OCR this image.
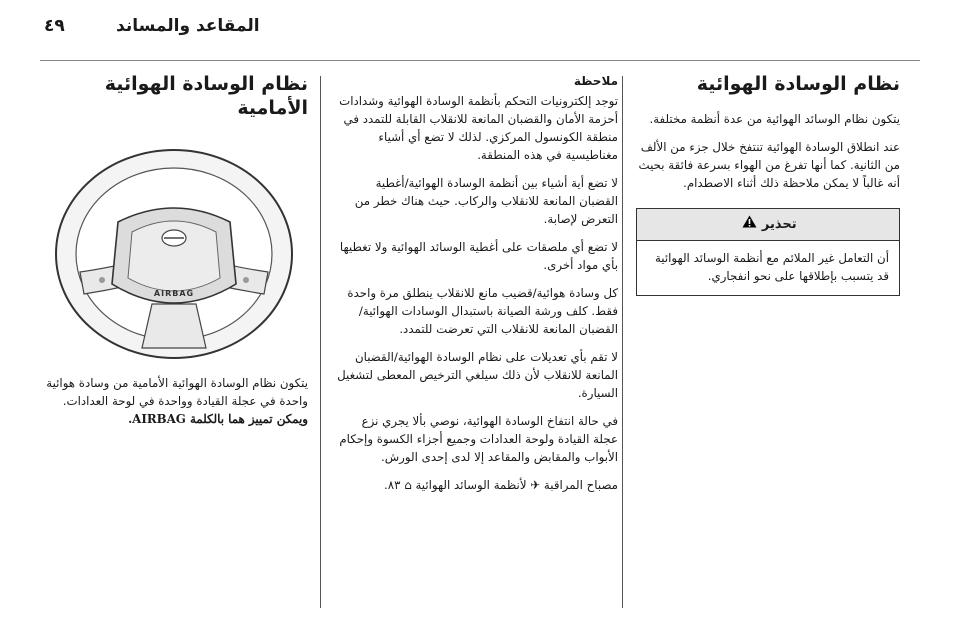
٤٩	المقاعد والمساند
نظام الوسادة الهوائية

يتكون نظام الوسائد الهوائية من عدة أنظمة مختلفة.

عند انطلاق الوسادة الهوائية تنتفخ خلال جزء من الألف من الثانية. كما أنها تفرغ من الهواء بسرعة فائقة بحيث أنه غالباً لا يمكن ملاحظة ذلك أثناء الاصطدام.

تحذير
أن التعامل غير الملائم مع أنظمة الوسائد الهوائية قد يتسبب بإطلاقها على نحو انفجاري.
ملاحظة

توجد إلكترونيات التحكم بأنظمة الوسادة الهوائية وشدادات أحزمة الأمان والقضبان المانعة للانقلاب القابلة للتمدد في منطقة الكونسول المركزي. لذلك لا تضع أي أشياء مغناطيسية في هذه المنطقة.

لا تضع أية أشياء بين أنظمة الوسادة الهوائية/أغطية القضبان المانعة للانقلاب والركاب. حيث هناك خطر من التعرض لإصابة.

لا تضع أي ملصقات على أغطية الوسائد الهوائية ولا تغطيها بأي مواد أخرى.

كل وسادة هوائية/قضيب مانع للانقلاب ينطلق مرة واحدة فقط. كلف ورشة الصيانة باستبدال الوسادات الهوائية/القضبان المانعة للانقلاب التي تعرضت للتمدد.

لا تقم بأي تعديلات على نظام الوسادة الهوائية/القضبان المانعة للانقلاب لأن ذلك سيلغي الترخيص المعطى لتشغيل السيارة.

في حالة انتفاخ الوسادة الهوائية، نوصي بألا يجري نزع عجلة القيادة ولوحة العدادات وجميع أجزاء الكسوة وإحكام الأبواب والمقابض والمقاعد إلا لدى إحدى الورش.

مصباح المراقبة ✈ لأنظمة الوسائد الهوائية ⌂ ٨٣.

نظام الوسادة الهوائية الأمامية
AIRBAG
يتكون نظام الوسادة الهوائية الأمامية من وسادة هوائية
واحدة في عجلة القيادة وواحدة في لوحة العدادات.
ويمكن تمييز هما بالكلمة AIRBAG.
